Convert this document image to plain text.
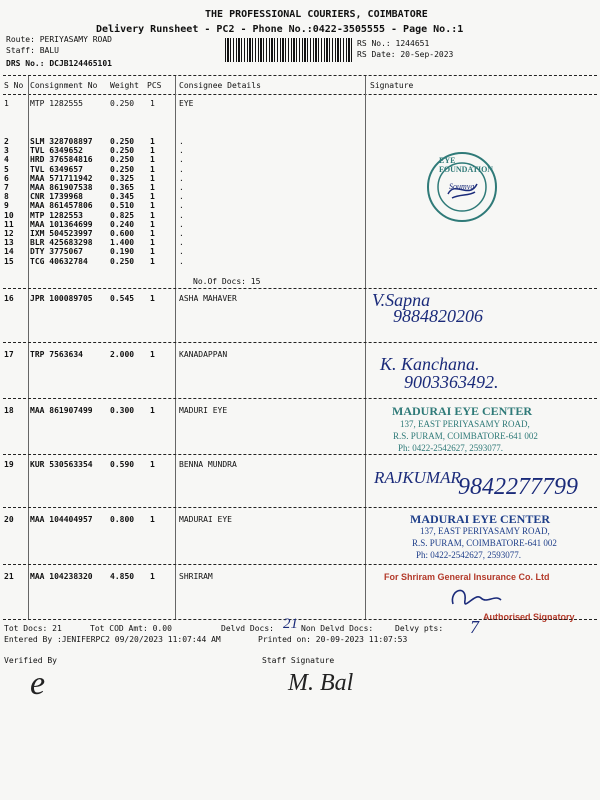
THE PROFESSIONAL COURIERS, COIMBATORE
Delivery Runsheet - PC2 - Phone No.:0422-3505555 - Page No.:1
Route: PERIYASAMY ROAD
Staff: BALU
DRS No.: DCJB124465101
RS No.: 1244651
RS Date: 20-Sep-2023
S No Consignment No Weight PCS Consignee Details	Signature
1	MTP 1282555	0.250 1	EYE
2	SLM 328708897 0.250 1	.
3	TVL 6349652	0.250 1	.
4	HRD 376584816 0.250 1	.
5	TVL 6349657	0.250 1	.
6	MAA 571711942 0.325 1	.
7	MAA 861907538 0.365 1	.
8	CNR 1739968	0.345 1	.
9	MAA 861457806 0.510 1	.
10 MTP 1282553	0.825 1	.
11 MAA 101364699 0.240 1	.
12 IXM 504523997 0.600 1	.
13 BLR 425683298 1.400 1	.
14 DTY 3775067	0.190 1	.
15 TCG 40632784	0.250 1	.
No.Of Docs: 15
EYE FOUNDATION
Soumya
16 JPR 100089705 0.545 1	ASHA MAHAVER	V.Sapna
9884820206
17 TRP 7563634	2.000 1	KANADAPPAN	K. Kanchana.
9003363492.
18 MAA 861907499 0.300 1	MADURI EYE	MADURAI EYE CENTER
137, EAST PERIYASAMY ROAD,
R.S. PURAM, COIMBATORE-641 002
Ph: 0422-2542627, 2593077.
19 KUR 530563354 0.590 1	BENNA MUNDRA
RAJKUMAR
9842277799
20 MAA 104404957 0.800 1	MADURAI EYE	MADURAI EYE CENTER
137, EAST PERIYASAMY ROAD,
R.S. PURAM, COIMBATORE-641 002
Ph: 0422-2542627, 2593077.
21 MAA 104238320 4.850 1	SHRIRAM	For Shriram General Insurance Co. Ltd
Authorised Signatory
Tot Docs: 21	Tot COD Amt: 0.00	Delvd Docs: 21 Non Delvd Docs:	Delvy pts: 7
Entered By :JENIFERPC2 09/20/2023 11:07:44 AM	Printed on: 20-09-2023 11:07:53
Verified By	Staff Signature
e	M. Bal
